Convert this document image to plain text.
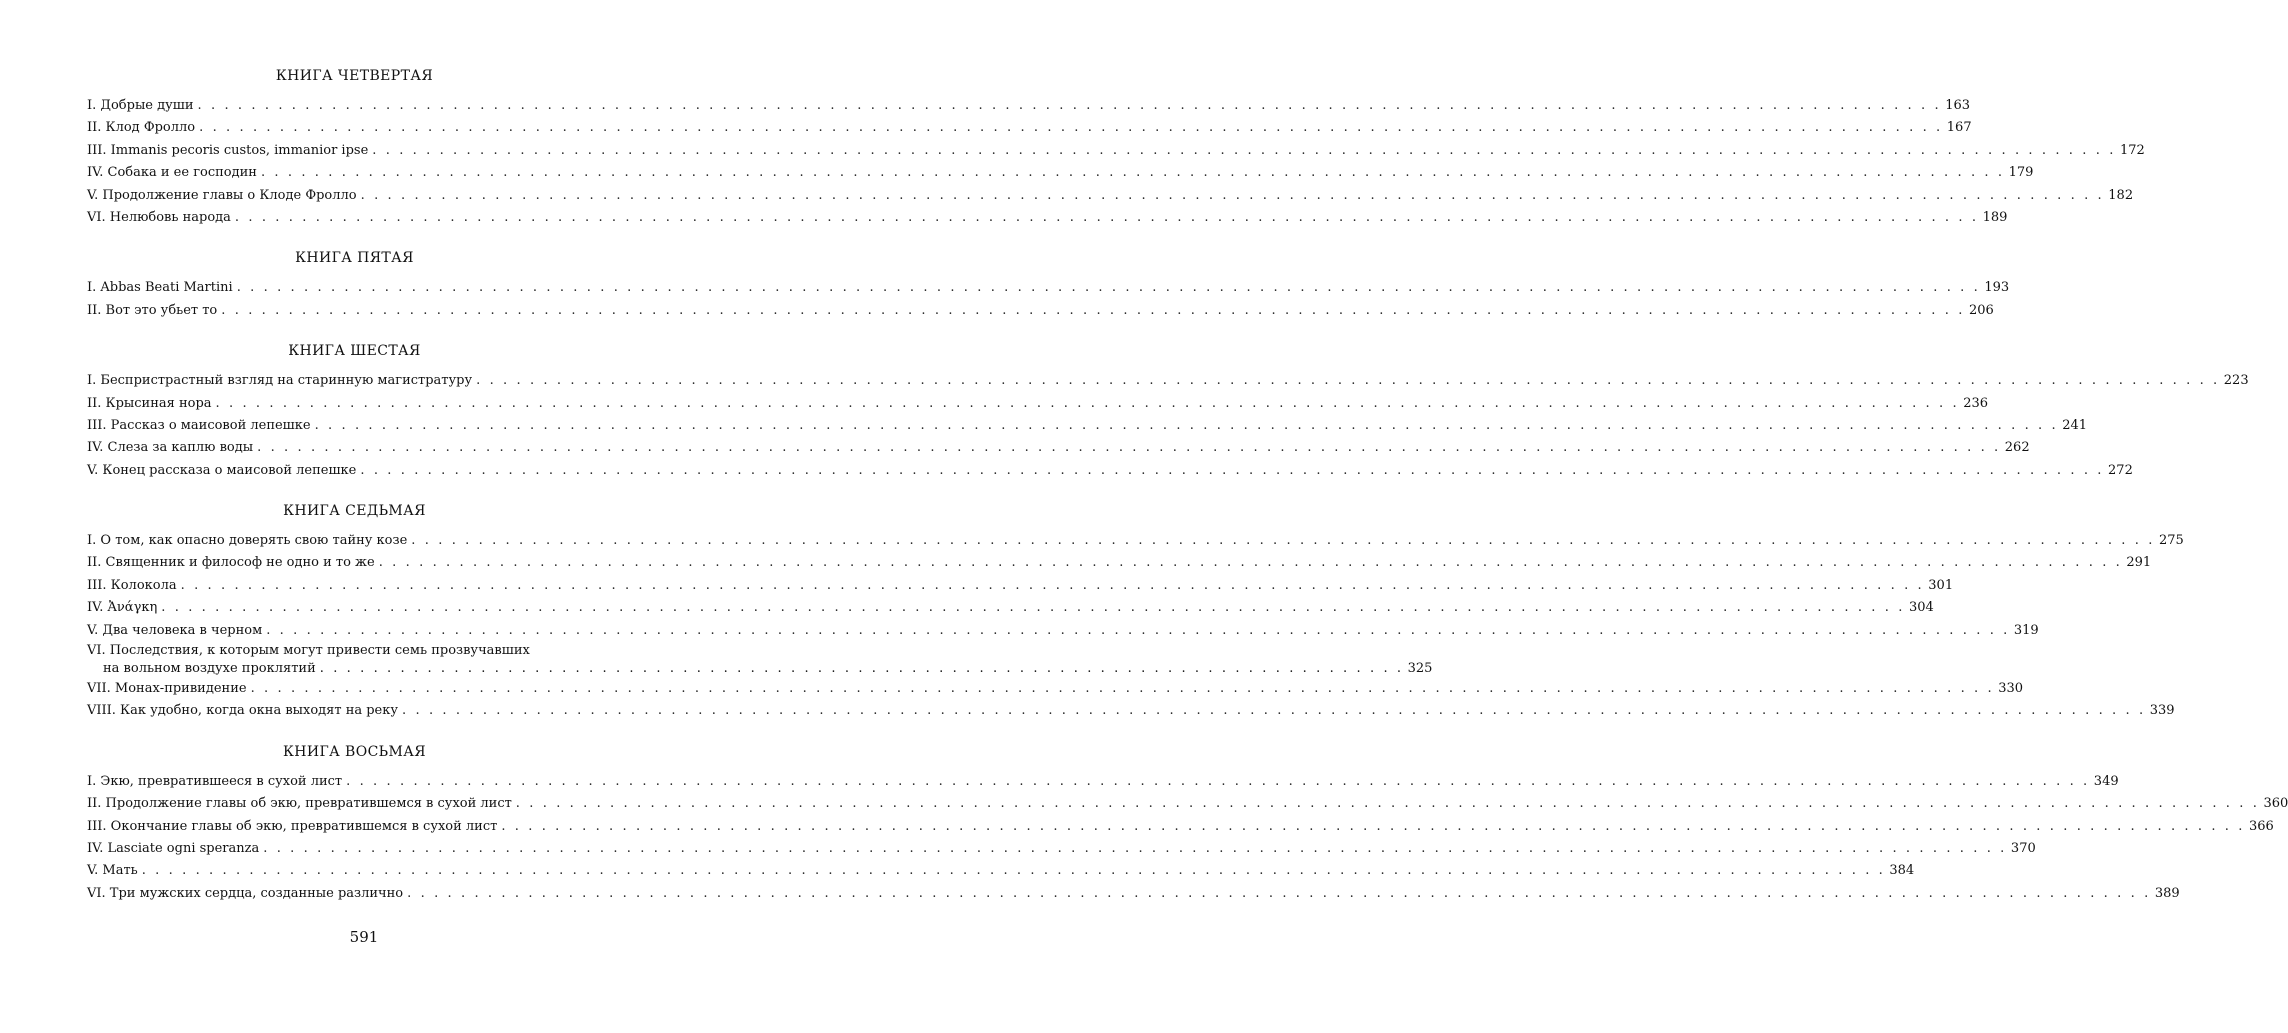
КНИГА ЧЕТВЕРТАЯ
I. Добрые души . . .	163
II. Клод Фролло . . .	167
III. Immanis pecoris custos, immanior ipse . . .	172
IV. Собака и ее господин . . .	179
V. Продолжение главы о Клоде Фролло . . .	182
VI. Нелюбовь народа . . .	189
КНИГА ПЯТАЯ
I. Abbas Beati Martini . . .	193
II. Вот это убьет то . . .	206
КНИГА ШЕСТАЯ
I. Беспристрастный взгляд на старинную магистратуру . . .	223
II. Крысиная нора . . .	236
III. Рассказ о маисовой лепешке . . .	241
IV. Слеза за каплю воды . . .	262
V. Конец рассказа о маисовой лепешке . . .	272
КНИГА СЕДЬМАЯ
I. О том, как опасно доверять свою тайну козе . . .	275
II. Священник и философ не одно и то же . . .	291
III. Колокола . . .	301
IV. Ἀνάγκη . . .	304
V. Два человека в черном . . .	319
VI. Последствия, к которым могут привести семь прозвучавших
на вольном воздухе проклятий . . .	325
VII. Монах-привидение . . .	330
VIII. Как удобно, когда окна выходят на реку . . .	339
КНИГА ВОСЬМАЯ
I. Экю, превратившееся в сухой лист . . .	349
II. Продолжение главы об экю, превратившемся в сухой лист . . .	360
III. Окончание главы об экю, превратившемся в сухой лист . . .	366
IV. Lasciate ogni speranza . . .	370
V. Мать . . .	384
VI. Три мужских сердца, созданные различно . . .	389
591
